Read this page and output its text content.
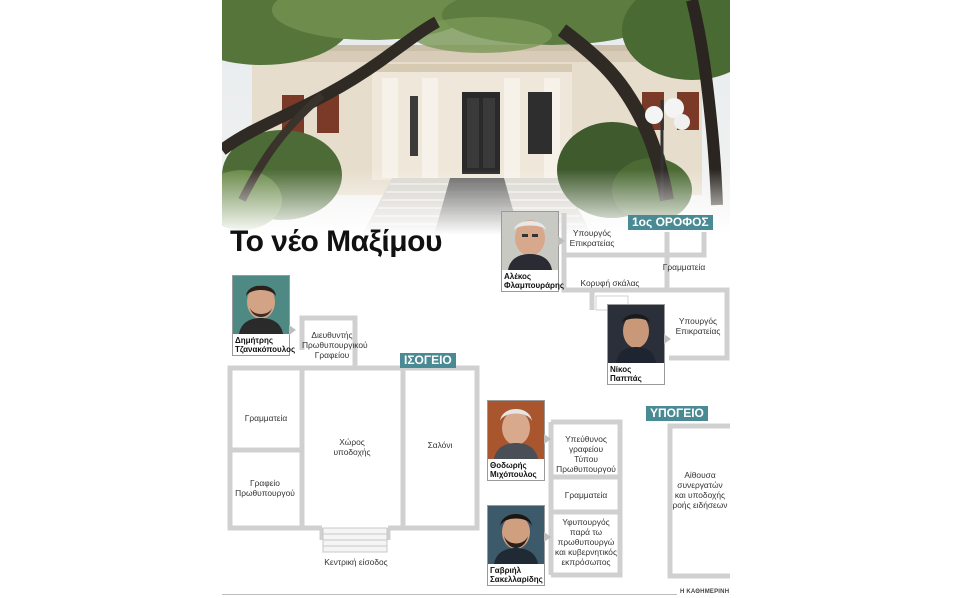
Το νέο Μαξίμου
1ος ΟΡΟΦΟΣ
ΙΣΟΓΕΙΟ
ΥΠΟΓΕΙΟ
Υπουργός Επικρατείας
Γραμματεία
Κορυφή σκάλας
Υπουργός Επικρατείας
Διευθυντής Πρωθυπουργικού Γραφείου
Γραμματεία
Γραφείο Πρωθυπουργού
Χώρος υποδοχής
Σαλόνι
Κεντρική είσοδος
Υπεύθυνος γραφείου Τύπου Πρωθυπουργού
Γραμματεία
Υφυπουργός παρά τω πρωθυπουργώ και κυβερνητικός εκπρόσωπος
Αίθουσα συνεργατών και υποδοχής ροής ειδήσεων
Αλέκος
Φλαμπουράρης
Νίκος
Παππάς
Δημήτρης
Τζανακόπουλος
Θοδωρής
Μιχόπουλος
Γαβριήλ
Σακελλαρίδης
Η ΚΑΘΗΜΕΡΙΝΗ
